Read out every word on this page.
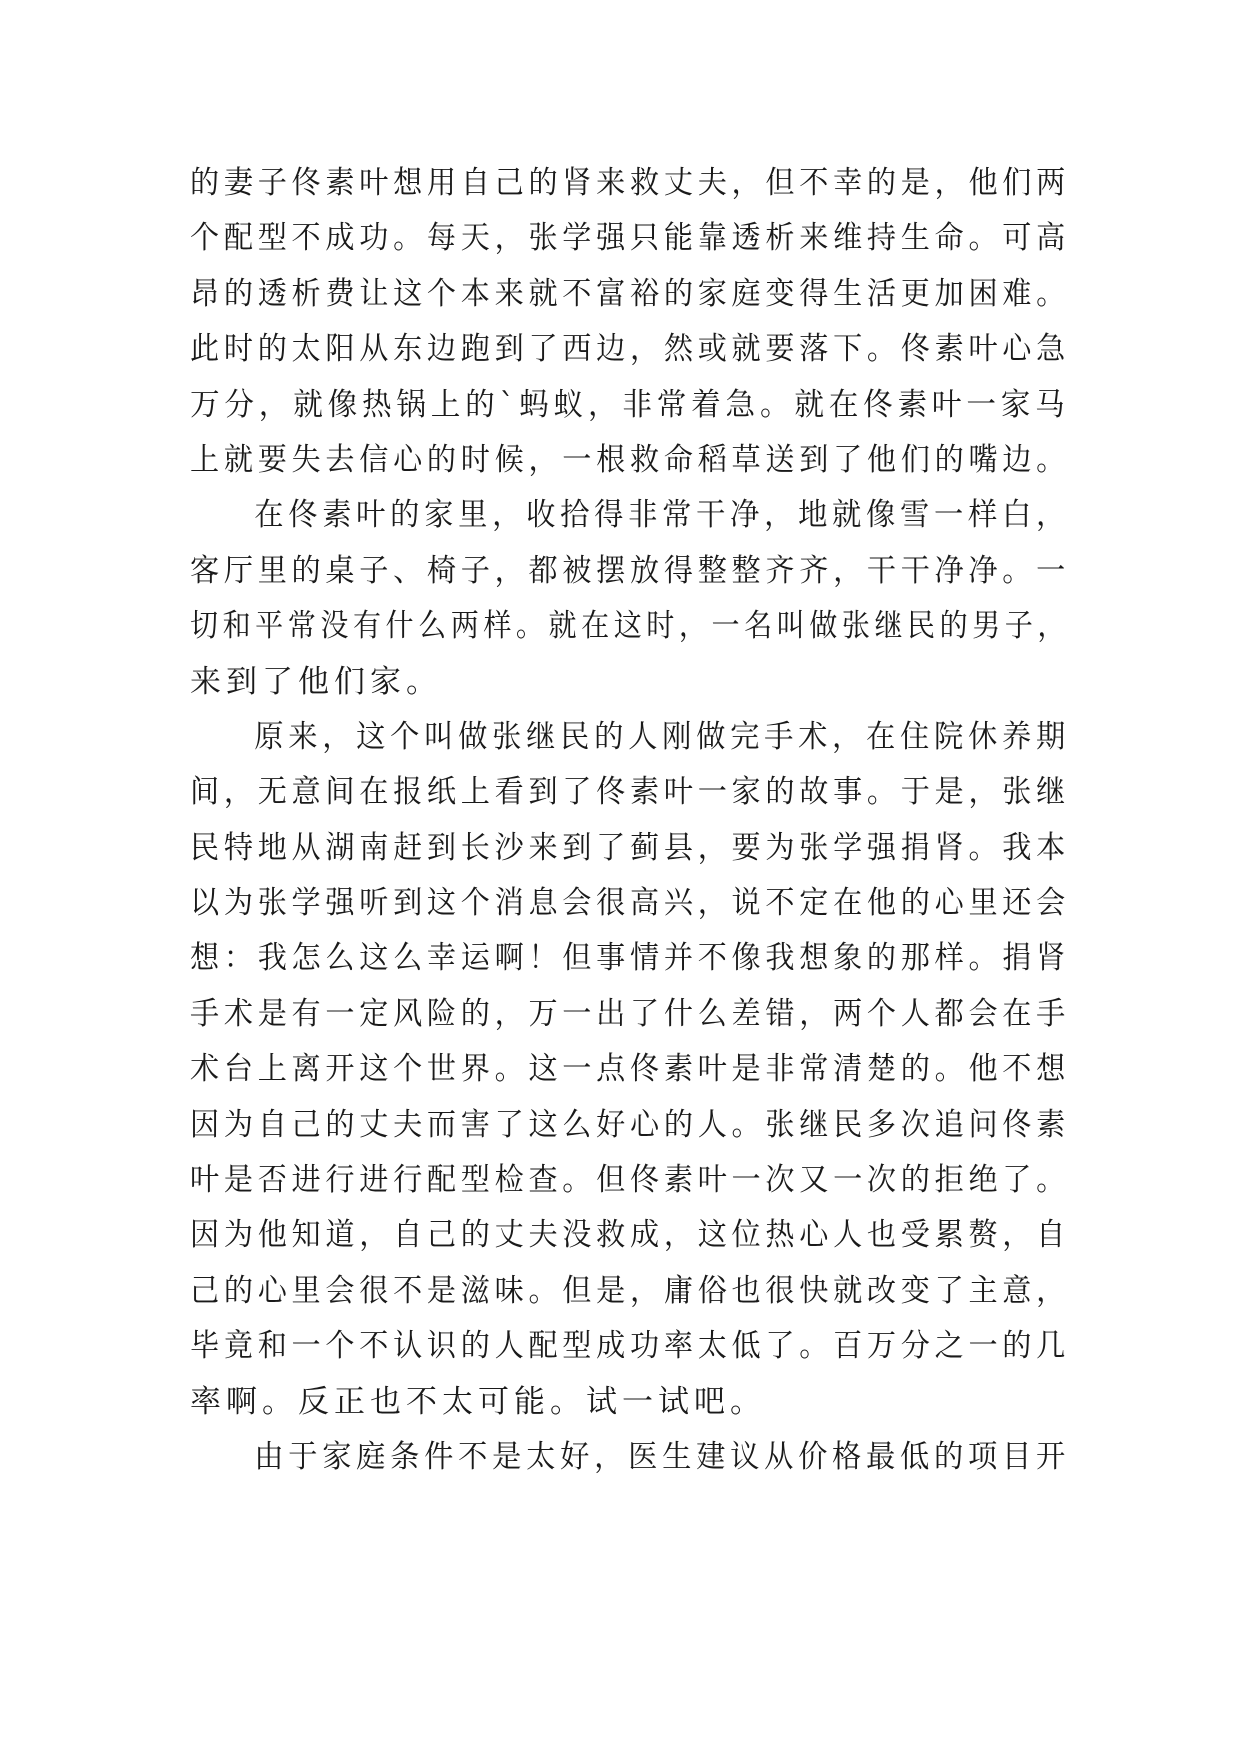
的妻子佟素叶想用自己的肾来救丈夫，但不幸的是，他们两
个配型不成功。每天，张学强只能靠透析来维持生命。可高
昂的透析费让这个本来就不富裕的家庭变得生活更加困难。
此时的太阳从东边跑到了西边，然或就要落下。佟素叶心急
万分，就像热锅上的`蚂蚁，非常着急。就在佟素叶一家马
上就要失去信心的时候，一根救命稻草送到了他们的嘴边。
在佟素叶的家里，收拾得非常干净，地就像雪一样白，
客厅里的桌子、椅子，都被摆放得整整齐齐，干干净净。一
切和平常没有什么两样。就在这时，一名叫做张继民的男子，
来到了他们家。
原来，这个叫做张继民的人刚做完手术，在住院休养期
间，无意间在报纸上看到了佟素叶一家的故事。于是，张继
民特地从湖南赶到长沙来到了蓟县，要为张学强捐肾。我本
以为张学强听到这个消息会很高兴，说不定在他的心里还会
想：我怎么这么幸运啊！但事情并不像我想象的那样。捐肾
手术是有一定风险的，万一出了什么差错，两个人都会在手
术台上离开这个世界。这一点佟素叶是非常清楚的。他不想
因为自己的丈夫而害了这么好心的人。张继民多次追问佟素
叶是否进行进行配型检查。但佟素叶一次又一次的拒绝了。
因为他知道，自己的丈夫没救成，这位热心人也受累赘，自
己的心里会很不是滋味。但是，庸俗也很快就改变了主意，
毕竟和一个不认识的人配型成功率太低了。百万分之一的几
率啊。反正也不太可能。试一试吧。
由于家庭条件不是太好，医生建议从价格最低的项目开
